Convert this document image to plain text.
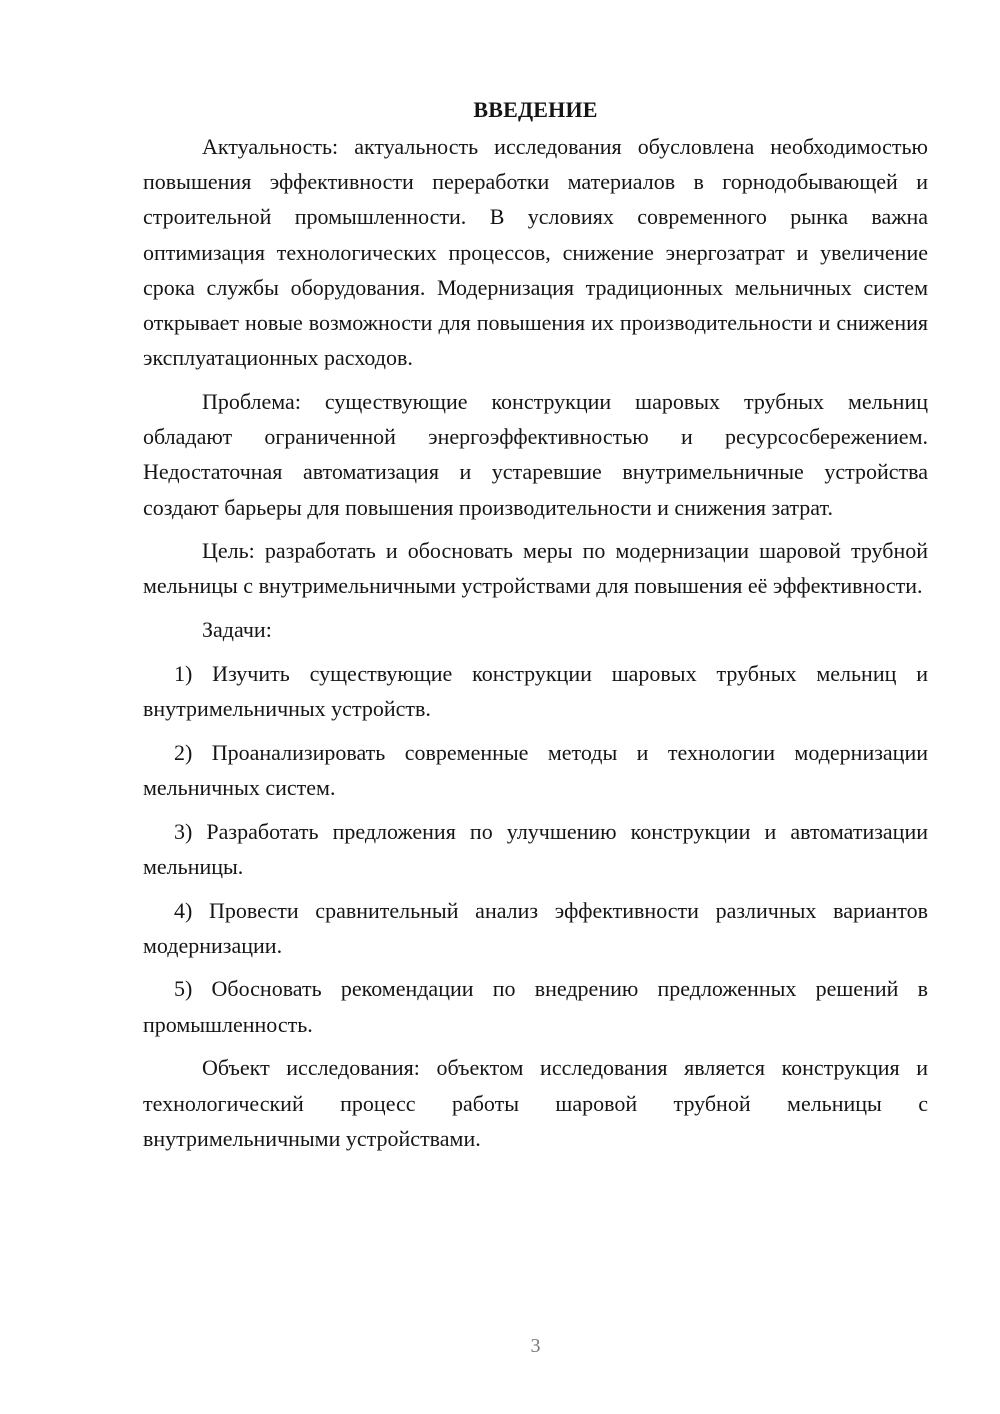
ВВЕДЕНИЕ

Актуальность: актуальность исследования обусловлена необходимостью повышения эффективности переработки материалов в горнодобывающей и строительной промышленности. В условиях современного рынка важна оптимизация технологических процессов, снижение энергозатрат и увеличение срока службы оборудования. Модернизация традиционных мельничных систем открывает новые возможности для повышения их производительности и снижения эксплуатационных расходов.

Проблема: существующие конструкции шаровых трубных мельниц обладают ограниченной энергоэффективностью и ресурсосбережением. Недостаточная автоматизация и устаревшие внутримельничные устройства создают барьеры для повышения производительности и снижения затрат.

Цель: разработать и обосновать меры по модернизации шаровой трубной мельницы с внутримельничными устройствами для повышения её эффективности.

Задачи:

1) Изучить существующие конструкции шаровых трубных мельниц и внутримельничных устройств.

2) Проанализировать современные методы и технологии модернизации мельничных систем.

3) Разработать предложения по улучшению конструкции и автоматизации мельницы.

4) Провести сравнительный анализ эффективности различных вариантов модернизации.

5) Обосновать рекомендации по внедрению предложенных решений в промышленность.

Объект исследования: объектом исследования является конструкция и технологический процесс работы шаровой трубной мельницы с внутримельничными устройствами.

3
